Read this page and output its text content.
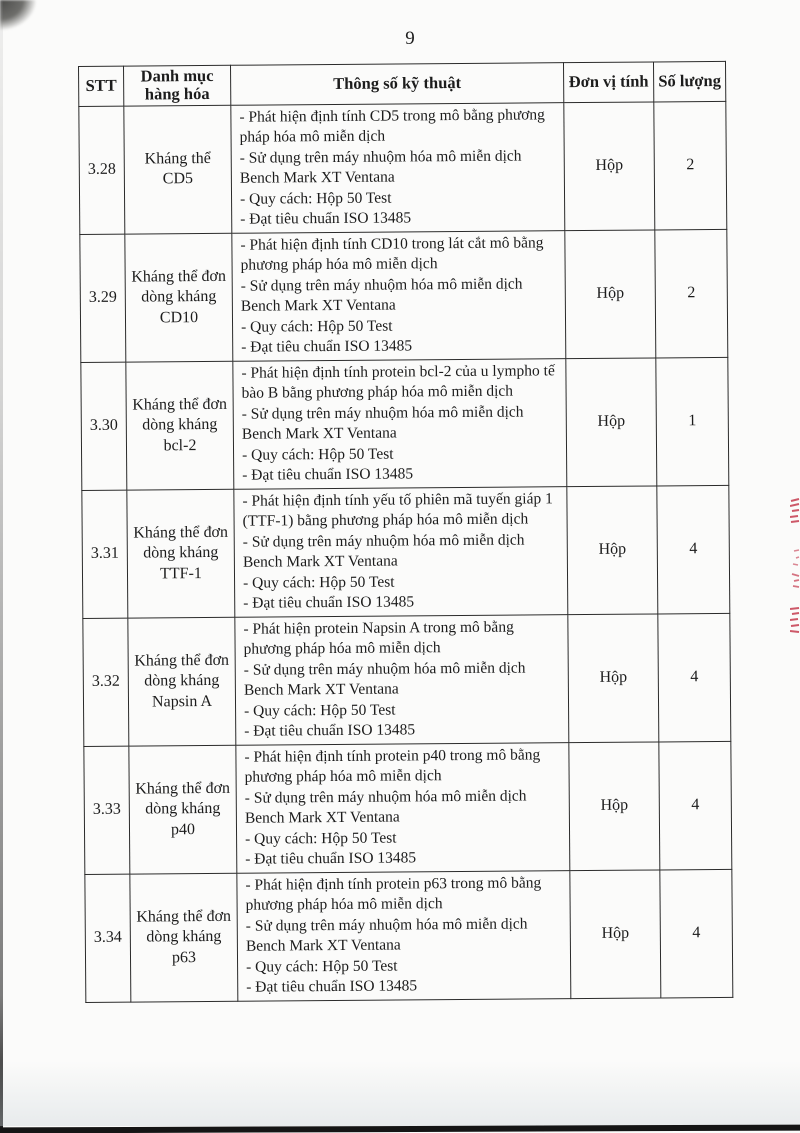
9
STT	Danh mục hàng hóa	Thông số kỹ thuật	Đơn vị tính	Số lượng
3.28	Kháng thể CD5	- Phát hiện định tính CD5 trong mô bằng phương pháp hóa mô miễn dịch
- Sử dụng trên máy nhuộm hóa mô miễn dịch Bench Mark XT Ventana
- Quy cách: Hộp 50 Test
- Đạt tiêu chuẩn ISO 13485	Hộp	2
3.29	Kháng thể đơn dòng kháng CD10	- Phát hiện định tính CD10 trong lát cắt mô bằng phương pháp hóa mô miễn dịch
- Sử dụng trên máy nhuộm hóa mô miễn dịch Bench Mark XT Ventana
- Quy cách: Hộp 50 Test
- Đạt tiêu chuẩn ISO 13485	Hộp	2
3.30	Kháng thể đơn dòng kháng bcl-2	- Phát hiện định tính protein bcl-2 của u lympho tế bào B bằng phương pháp hóa mô miễn dịch
- Sử dụng trên máy nhuộm hóa mô miễn dịch Bench Mark XT Ventana
- Quy cách: Hộp 50 Test
- Đạt tiêu chuẩn ISO 13485	Hộp	1
3.31	Kháng thể đơn dòng kháng TTF-1	- Phát hiện định tính yếu tố phiên mã tuyến giáp 1 (TTF-1) bằng phương pháp hóa mô miễn dịch
- Sử dụng trên máy nhuộm hóa mô miễn dịch Bench Mark XT Ventana
- Quy cách: Hộp 50 Test
- Đạt tiêu chuẩn ISO 13485	Hộp	4
3.32	Kháng thể đơn dòng kháng Napsin A	- Phát hiện protein Napsin A trong mô bằng phương pháp hóa mô miễn dịch
- Sử dụng trên máy nhuộm hóa mô miễn dịch Bench Mark XT Ventana
- Quy cách: Hộp 50 Test
- Đạt tiêu chuẩn ISO 13485	Hộp	4
3.33	Kháng thể đơn dòng kháng p40	- Phát hiện định tính protein p40 trong mô bằng phương pháp hóa mô miễn dịch
- Sử dụng trên máy nhuộm hóa mô miễn dịch Bench Mark XT Ventana
- Quy cách: Hộp 50 Test
- Đạt tiêu chuẩn ISO 13485	Hộp	4
3.34	Kháng thể đơn dòng kháng p63	- Phát hiện định tính protein p63 trong mô bằng phương pháp hóa mô miễn dịch
- Sử dụng trên máy nhuộm hóa mô miễn dịch Bench Mark XT Ventana
- Quy cách: Hộp 50 Test
- Đạt tiêu chuẩn ISO 13485	Hộp	4
